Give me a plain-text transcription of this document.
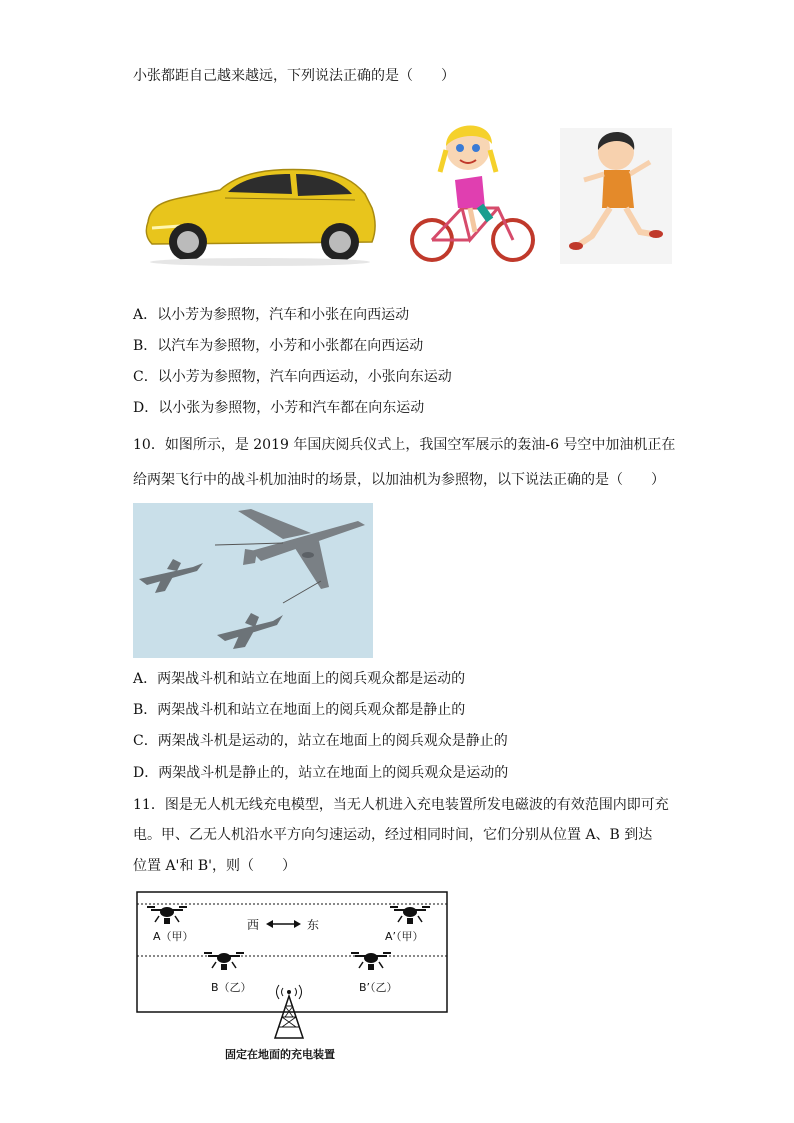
小张都距自己越来越远，下列说法正确的是（　　）
A．以小芳为参照物，汽车和小张在向西运动
B．以汽车为参照物，小芳和小张都在向西运动
C．以小芳为参照物，汽车向西运动，小张向东运动
D．以小张为参照物，小芳和汽车都在向东运动
10．如图所示，是 2019 年国庆阅兵仪式上，我国空军展示的轰油-6 号空中加油机正在
给两架飞行中的战斗机加油时的场景，以加油机为参照物，以下说法正确的是（　　）
A．两架战斗机和站立在地面上的阅兵观众都是运动的
B．两架战斗机和站立在地面上的阅兵观众都是静止的
C．两架战斗机是运动的，站立在地面上的阅兵观众是静止的
D．两架战斗机是静止的，站立在地面上的阅兵观众是运动的
11．图是无人机无线充电模型，当无人机进入充电装置所发电磁波的有效范围内即可充
电。甲、乙无人机沿水平方向匀速运动，经过相同时间，它们分别从位置 A、B 到达
位置 A'和 B'，则（　　）
西	东
A（甲）	A’（甲）
B（乙）	B’（乙）
固定在地面的充电装置
